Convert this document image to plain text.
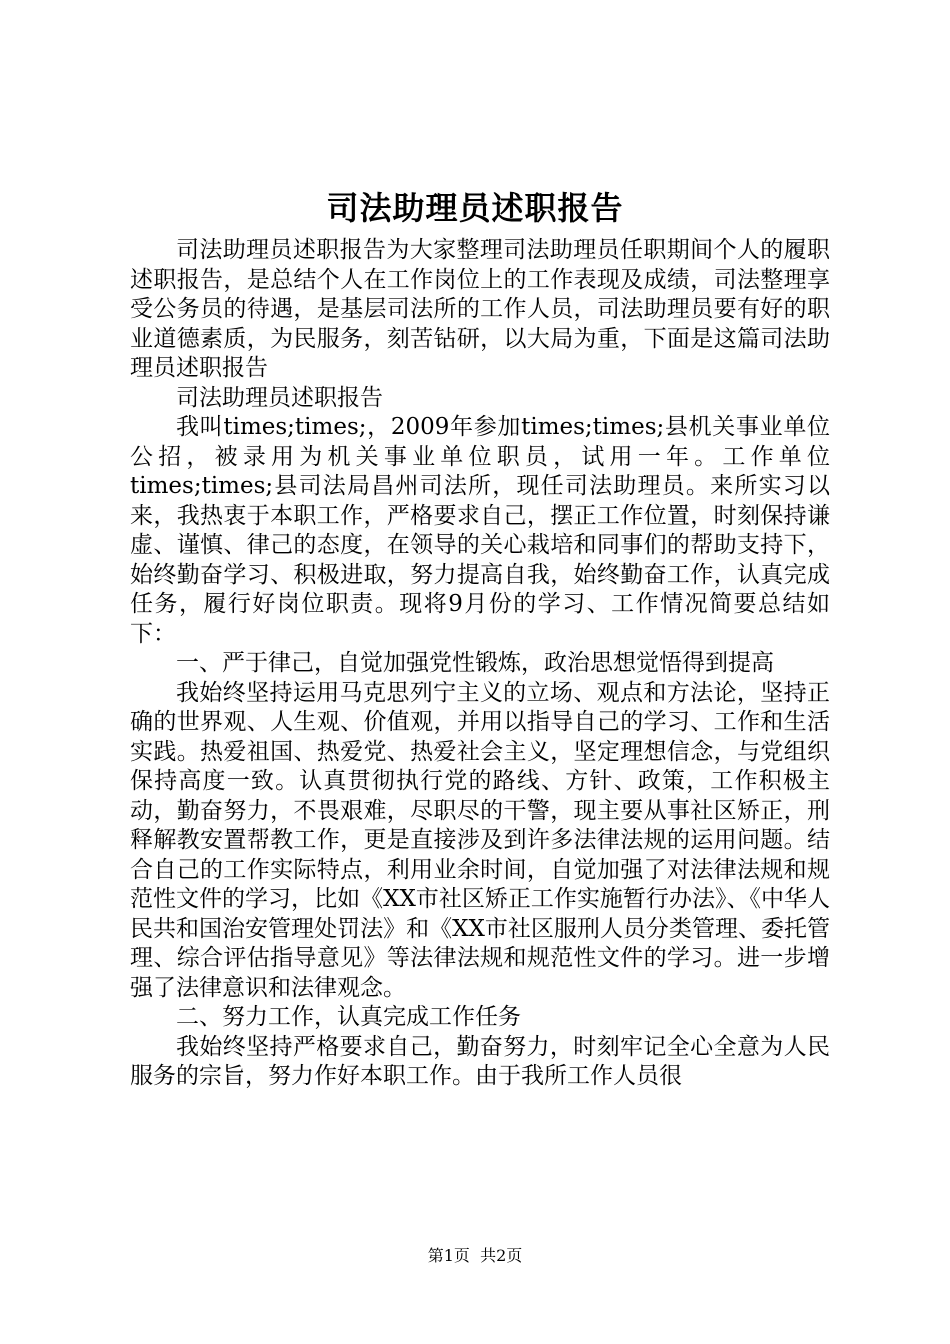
司法助理员述职报告

司法助理员述职报告为大家整理司法助理员任职期间个人的履职述职报告，是总结个人在工作岗位上的工作表现及成绩，司法整理享受公务员的待遇，是基层司法所的工作人员，司法助理员要有好的职业道德素质，为民服务，刻苦钻研，以大局为重，下面是这篇司法助理员述职报告

司法助理员述职报告

我叫times;times;，2009年参加times;times;县机关事业单位公招，被录用为机关事业单位职员，试用一年。工作单位times;times;县司法局昌州司法所，现任司法助理员。来所实习以来，我热衷于本职工作，严格要求自己，摆正工作位置，时刻保持谦虚、谨慎、律己的态度，在领导的关心栽培和同事们的帮助支持下，始终勤奋学习、积极进取，努力提高自我，始终勤奋工作，认真完成任务，履行好岗位职责。现将9月份的学习、工作情况简要总结如下：

一、严于律己，自觉加强党性锻炼，政治思想觉悟得到提高

我始终坚持运用马克思列宁主义的立场、观点和方法论，坚持正确的世界观、人生观、价值观，并用以指导自己的学习、工作和生活实践。热爱祖国、热爱党、热爱社会主义，坚定理想信念，与党组织保持高度一致。认真贯彻执行党的路线、方针、政策，工作积极主动，勤奋努力，不畏艰难，尽职尽的干警，现主要从事社区矫正，刑释解教安置帮教工作，更是直接涉及到许多法律法规的运用问题。结合自己的工作实际特点，利用业余时间，自觉加强了对法律法规和规范性文件的学习，比如《XX市社区矫正工作实施暂行办法》、《中华人民共和国治安管理处罚法》和《XX市社区服刑人员分类管理、委托管理、综合评估指导意见》等法律法规和规范性文件的学习。进一步增强了法律意识和法律观念。

二、努力工作，认真完成工作任务

我始终坚持严格要求自己，勤奋努力，时刻牢记全心全意为人民服务的宗旨，努力作好本职工作。由于我所工作人员很

第1页 共2页
